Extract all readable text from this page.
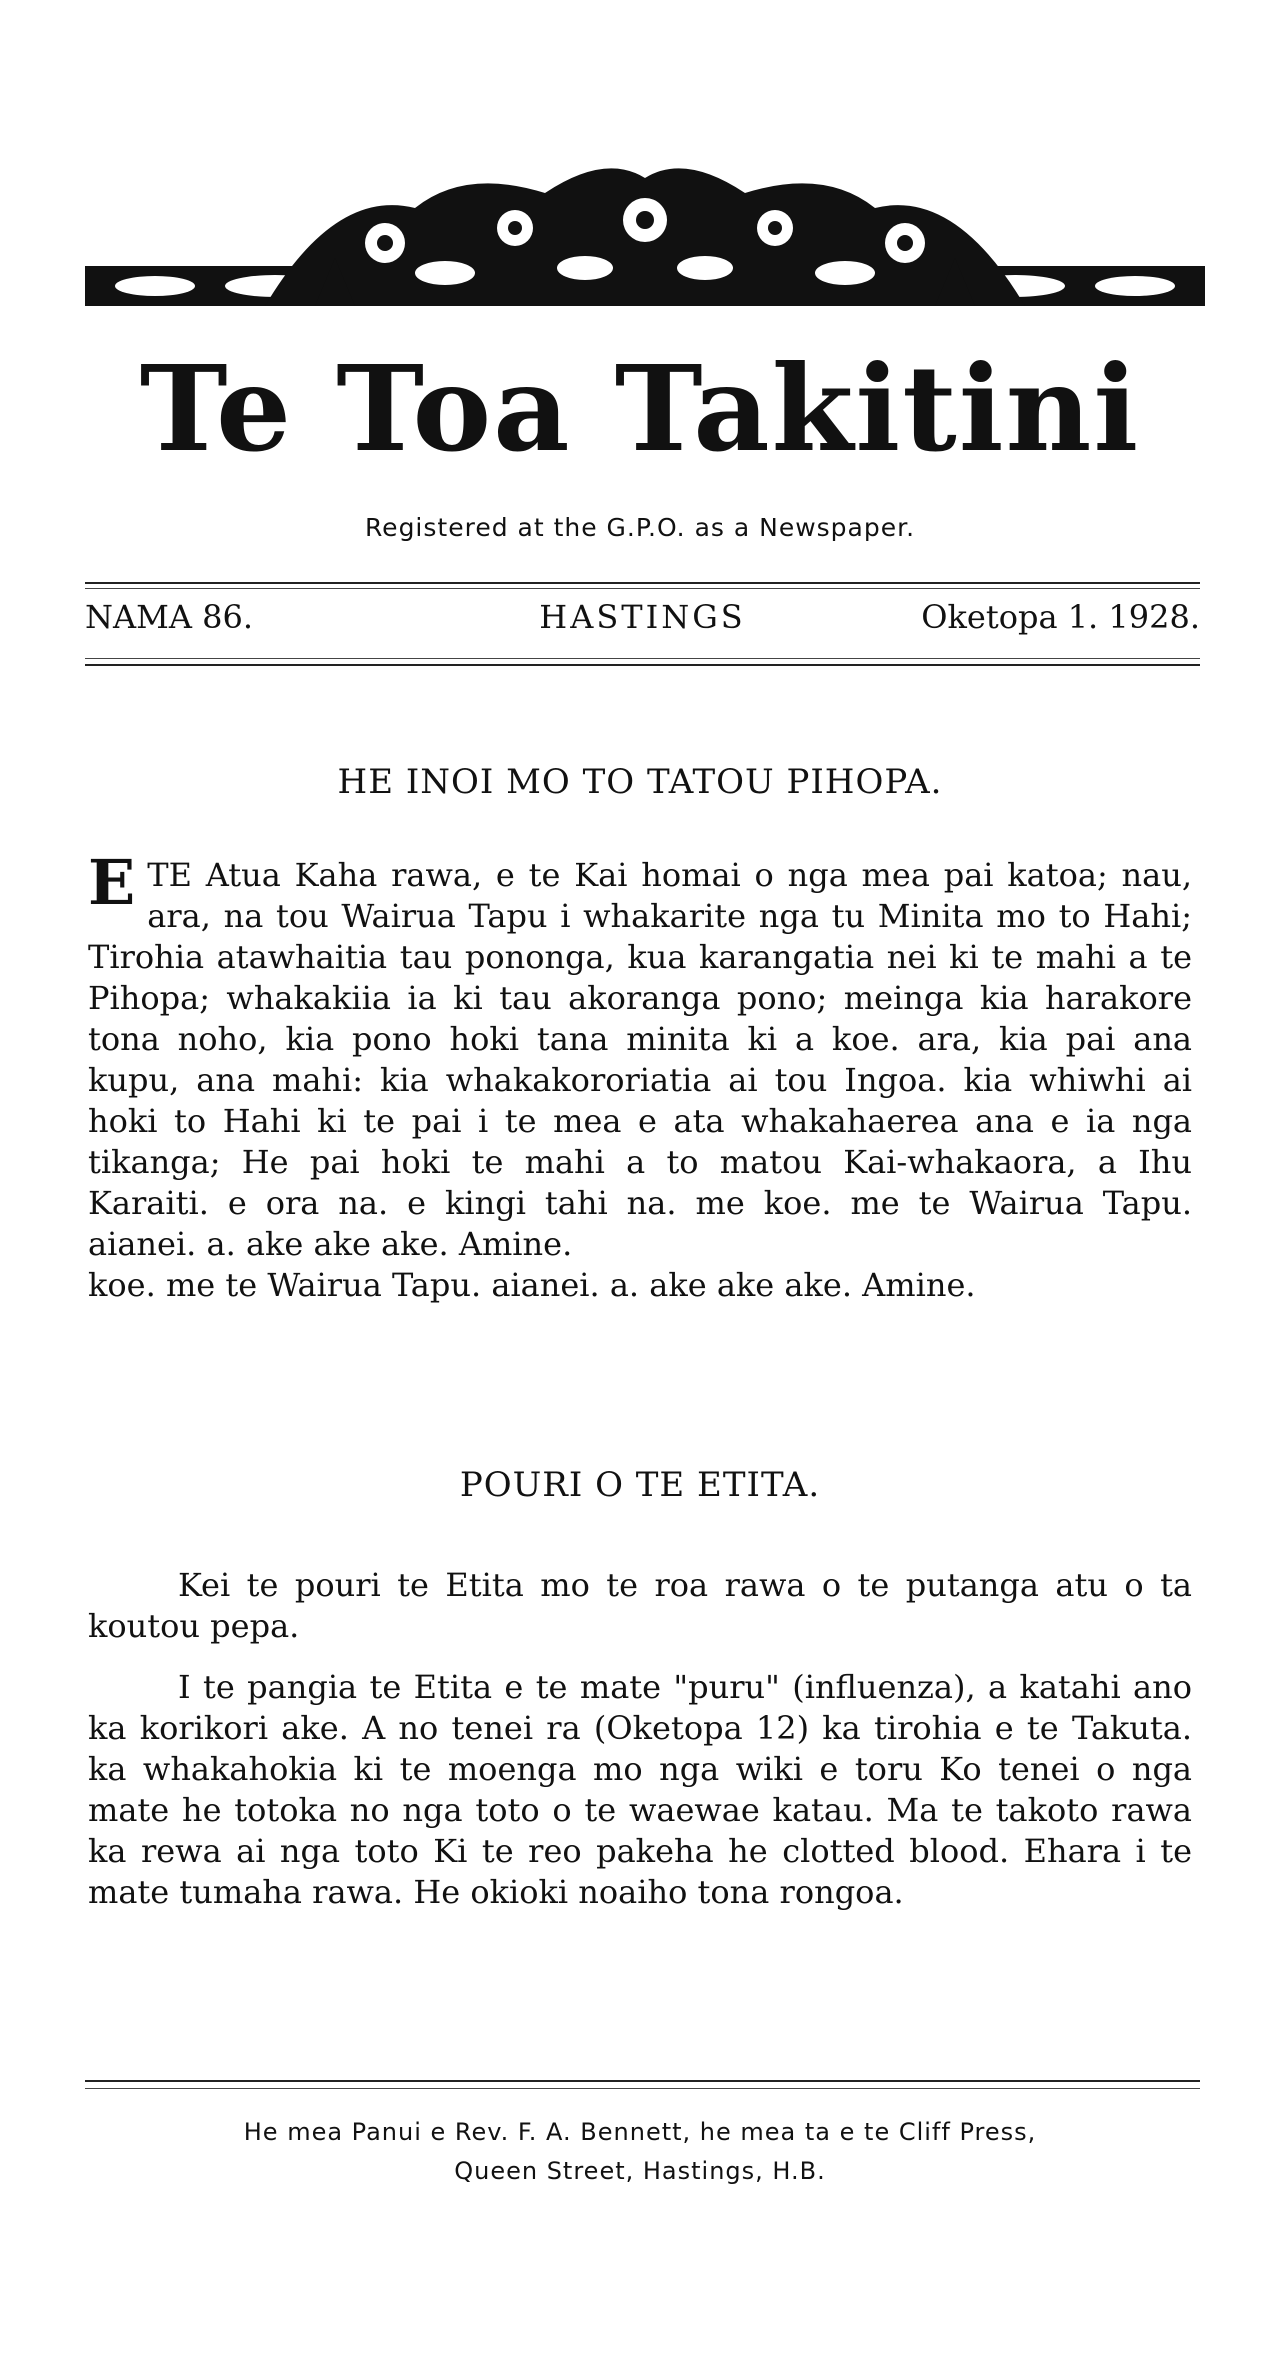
Te Toa Takitini
Registered at the G.P.O. as a Newspaper.
NAMA 86.	HASTINGS	Oketopa 1. 1928.
HE INOI MO TO TATOU PIHOPA.
E TE Atua Kaha rawa, e te Kai homai o nga mea pai katoa; nau, ara, na tou Wairua Tapu i whakarite nga tu Minita mo to Hahi; Tirohia atawhaitia tau pononga, kua karangatia nei ki te mahi a te Pihopa; whakakiia ia ki tau akoranga pono; meinga kia harakore tona noho, kia pono hoki tana minita ki a koe. ara, kia pai ana kupu, ana mahi: kia whakakororiatia ai tou Ingoa. kia whiwhi ai hoki to Hahi ki te pai i te mea e ata whakahaerea ana e ia nga tikanga; He pai hoki te mahi a to matou Kai-whakaora, a Ihu Karaiti. e ora na. e kingi tahi na. me koe. me te Wairua Tapu. aianei. a. ake ake ake. Amine.

koe. me te Wairua Tapu. aianei. a. ake ake ake. Amine.

POURI O TE ETITA.

Kei te pouri te Etita mo te roa rawa o te putanga atu o ta koutou pepa.

I te pangia te Etita e te mate "puru" (influenza), a katahi ano ka korikori ake. A no tenei ra (Oketopa 12) ka tirohia e te Takuta. ka whakahokia ki te moenga mo nga wiki e toru Ko tenei o nga mate he totoka no nga toto o te waewae katau. Ma te takoto rawa ka rewa ai nga toto Ki te reo pakeha he clotted blood. Ehara i te mate tumaha rawa. He okioki noaiho tona rongoa.

He mea Panui e Rev. F. A. Bennett, he mea ta e te Cliff Press,
Queen Street, Hastings, H.B.
